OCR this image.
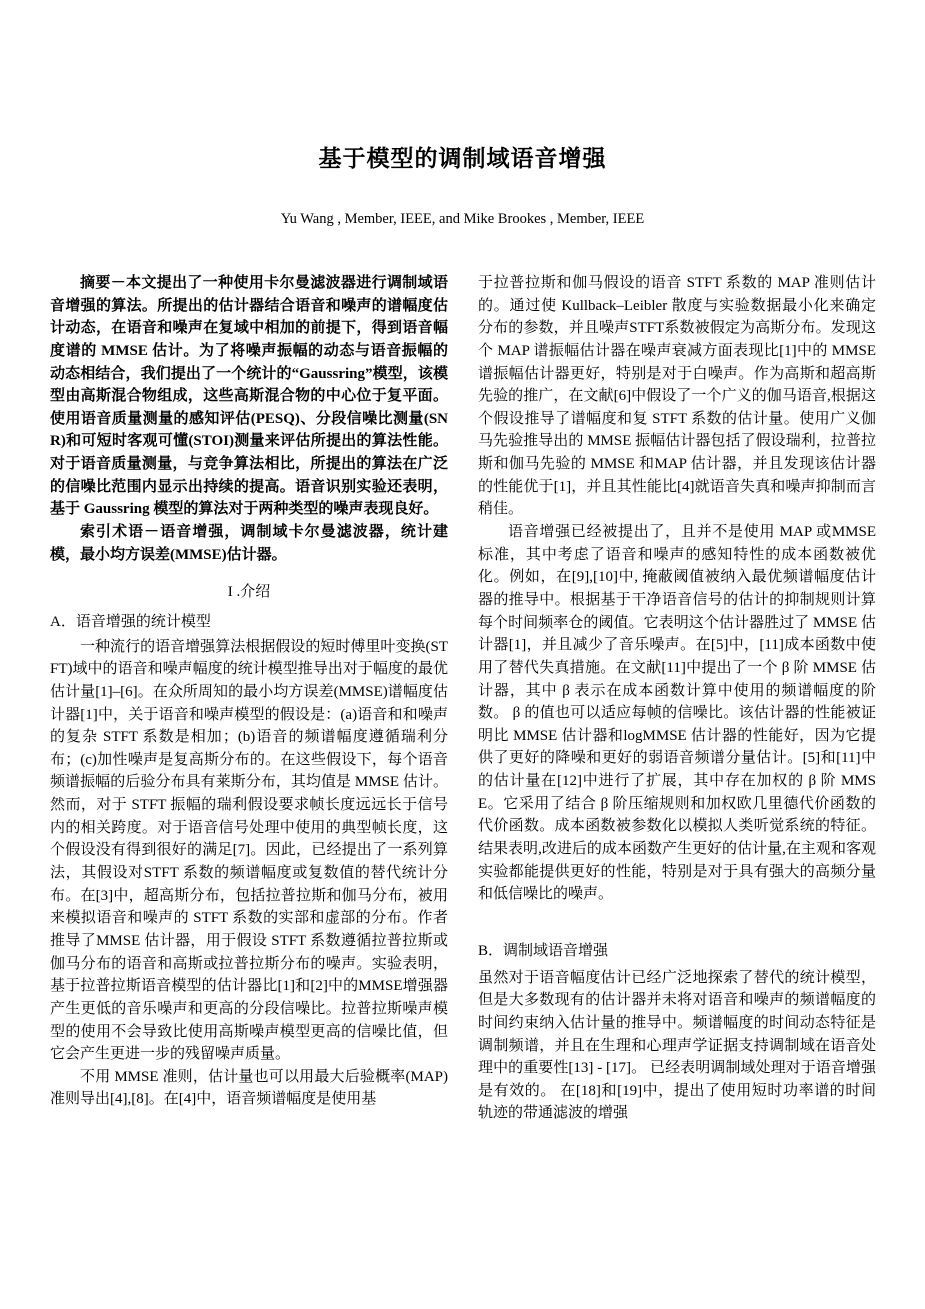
基于模型的调制域语音增强
Yu Wang , Member, IEEE, and Mike Brookes , Member, IEEE

摘要－本文提出了一种使用卡尔曼滤波器进行调制域语音增强的算法。所提出的估计器结合语音和噪声的谱幅度估计动态，在语音和噪声在复域中相加的前提下，得到语音幅度谱的 MMSE 估计。为了将噪声振幅的动态与语音振幅的动态相结合，我们提出了一个统计的“Gaussring”模型，该模型由高斯混合物组成，这些高斯混合物的中心位于复平面。使用语音质量测量的感知评估(PESQ)、分段信噪比测量(SNR)和可短时客观可懂(STOI)测量来评估所提出的算法性能。对于语音质量测量，与竞争算法相比，所提出的算法在广泛的信噪比范围内显示出持续的提高。语音识别实验还表明，基于 Gaussring 模型的算法对于两种类型的噪声表现良好。

索引术语－语音增强，调制域卡尔曼滤波器，统计建模，最小均方误差(MMSE)估计器。

I .介绍
A．语音增强的统计模型

一种流行的语音增强算法根据假设的短时傅里叶变换(STFT)域中的语音和噪声幅度的统计模型推导出对于幅度的最优估计量[1]–[6]。在众所周知的最小均方误差(MMSE)谱幅度估计器[1]中，关于语音和噪声模型的假设是：(a)语音和和噪声的复杂 STFT 系数是相加；(b)语音的频谱幅度遵循瑞利分布；(c)加性噪声是复高斯分布的。在这些假设下，每个语音频谱振幅的后验分布具有莱斯分布，其均值是 MMSE 估计。然而，对于 STFT 振幅的瑞利假设要求帧长度远远长于信号内的相关跨度。对于语音信号处理中使用的典型帧长度，这个假设没有得到很好的满足[7]。因此，已经提出了一系列算法，其假设对STFT 系数的频谱幅度或复数值的替代统计分布。在[3]中，超高斯分布，包括拉普拉斯和伽马分布，被用来模拟语音和噪声的 STFT 系数的实部和虚部的分布。作者推导了MMSE 估计器，用于假设 STFT 系数遵循拉普拉斯或伽马分布的语音和高斯或拉普拉斯分布的噪声。实验表明，基于拉普拉斯语音模型的估计器比[1]和[2]中的MMSE增强器产生更低的音乐噪声和更高的分段信噪比。拉普拉斯噪声模型的使用不会导致比使用高斯噪声模型更高的信噪比值，但它会产生更进一步的残留噪声质量。

不用 MMSE 准则，估计量也可以用最大后验概率(MAP)准则导出[4],[8]。在[4]中，语音频谱幅度是使用基

于拉普拉斯和伽马假设的语音 STFT 系数的 MAP 准则估计的。通过使 Kullback–Leibler 散度与实验数据最小化来确定分布的参数，并且噪声STFT系数被假定为高斯分布。发现这个 MAP 谱振幅估计器在噪声衰减方面表现比[1]中的 MMSE 谱振幅估计器更好，特别是对于白噪声。作为高斯和超高斯先验的推广，在文献[6]中假设了一个广义的伽马语音,根据这个假设推导了谱幅度和复 STFT 系数的估计量。使用广义伽马先验推导出的 MMSE 振幅估计器包括了假设瑞利，拉普拉斯和伽马先验的 MMSE 和MAP 估计器，并且发现该估计器的性能优于[1]，并且其性能比[4]就语音失真和噪声抑制而言稍佳。

语音增强已经被提出了，且并不是使用 MAP 或MMSE 标准，其中考虑了语音和噪声的感知特性的成本函数被优化。例如，在[9],[10]中, 掩蔽阈值被纳入最优频谱幅度估计器的推导中。根据基于干净语音信号的估计的抑制规则计算每个时间频率仓的阈值。它表明这个估计器胜过了 MMSE 估计器[1]，并且减少了音乐噪声。在[5]中，[11]成本函数中使用了替代失真措施。在文献[11]中提出了一个 β 阶 MMSE 估计器，其中 β 表示在成本函数计算中使用的频谱幅度的阶数。 β 的值也可以适应每帧的信噪比。该估计器的性能被证明比 MMSE 估计器和logMMSE 估计器的性能好，因为它提供了更好的降噪和更好的弱语音频谱分量估计。[5]和[11]中的估计量在[12]中进行了扩展，其中存在加权的 β 阶 MMSE。它采用了结合 β 阶压缩规则和加权欧几里德代价函数的代价函数。成本函数被参数化以模拟人类听觉系统的特征。 结果表明,改进后的成本函数产生更好的估计量,在主观和客观实验都能提供更好的性能，特别是对于具有强大的高频分量和低信噪比的噪声。

B．调制域语音增强

虽然对于语音幅度估计已经广泛地探索了替代的统计模型，但是大多数现有的估计器并未将对语音和噪声的频谱幅度的时间约束纳入估计量的推导中。频谱幅度的时间动态特征是调制频谱，并且在生理和心理声学证据支持调制域在语音处理中的重要性[13] - [17]。 已经表明调制域处理对于语音增强是有效的。 在[18]和[19]中，提出了使用短时功率谱的时间轨迹的带通滤波的增强
